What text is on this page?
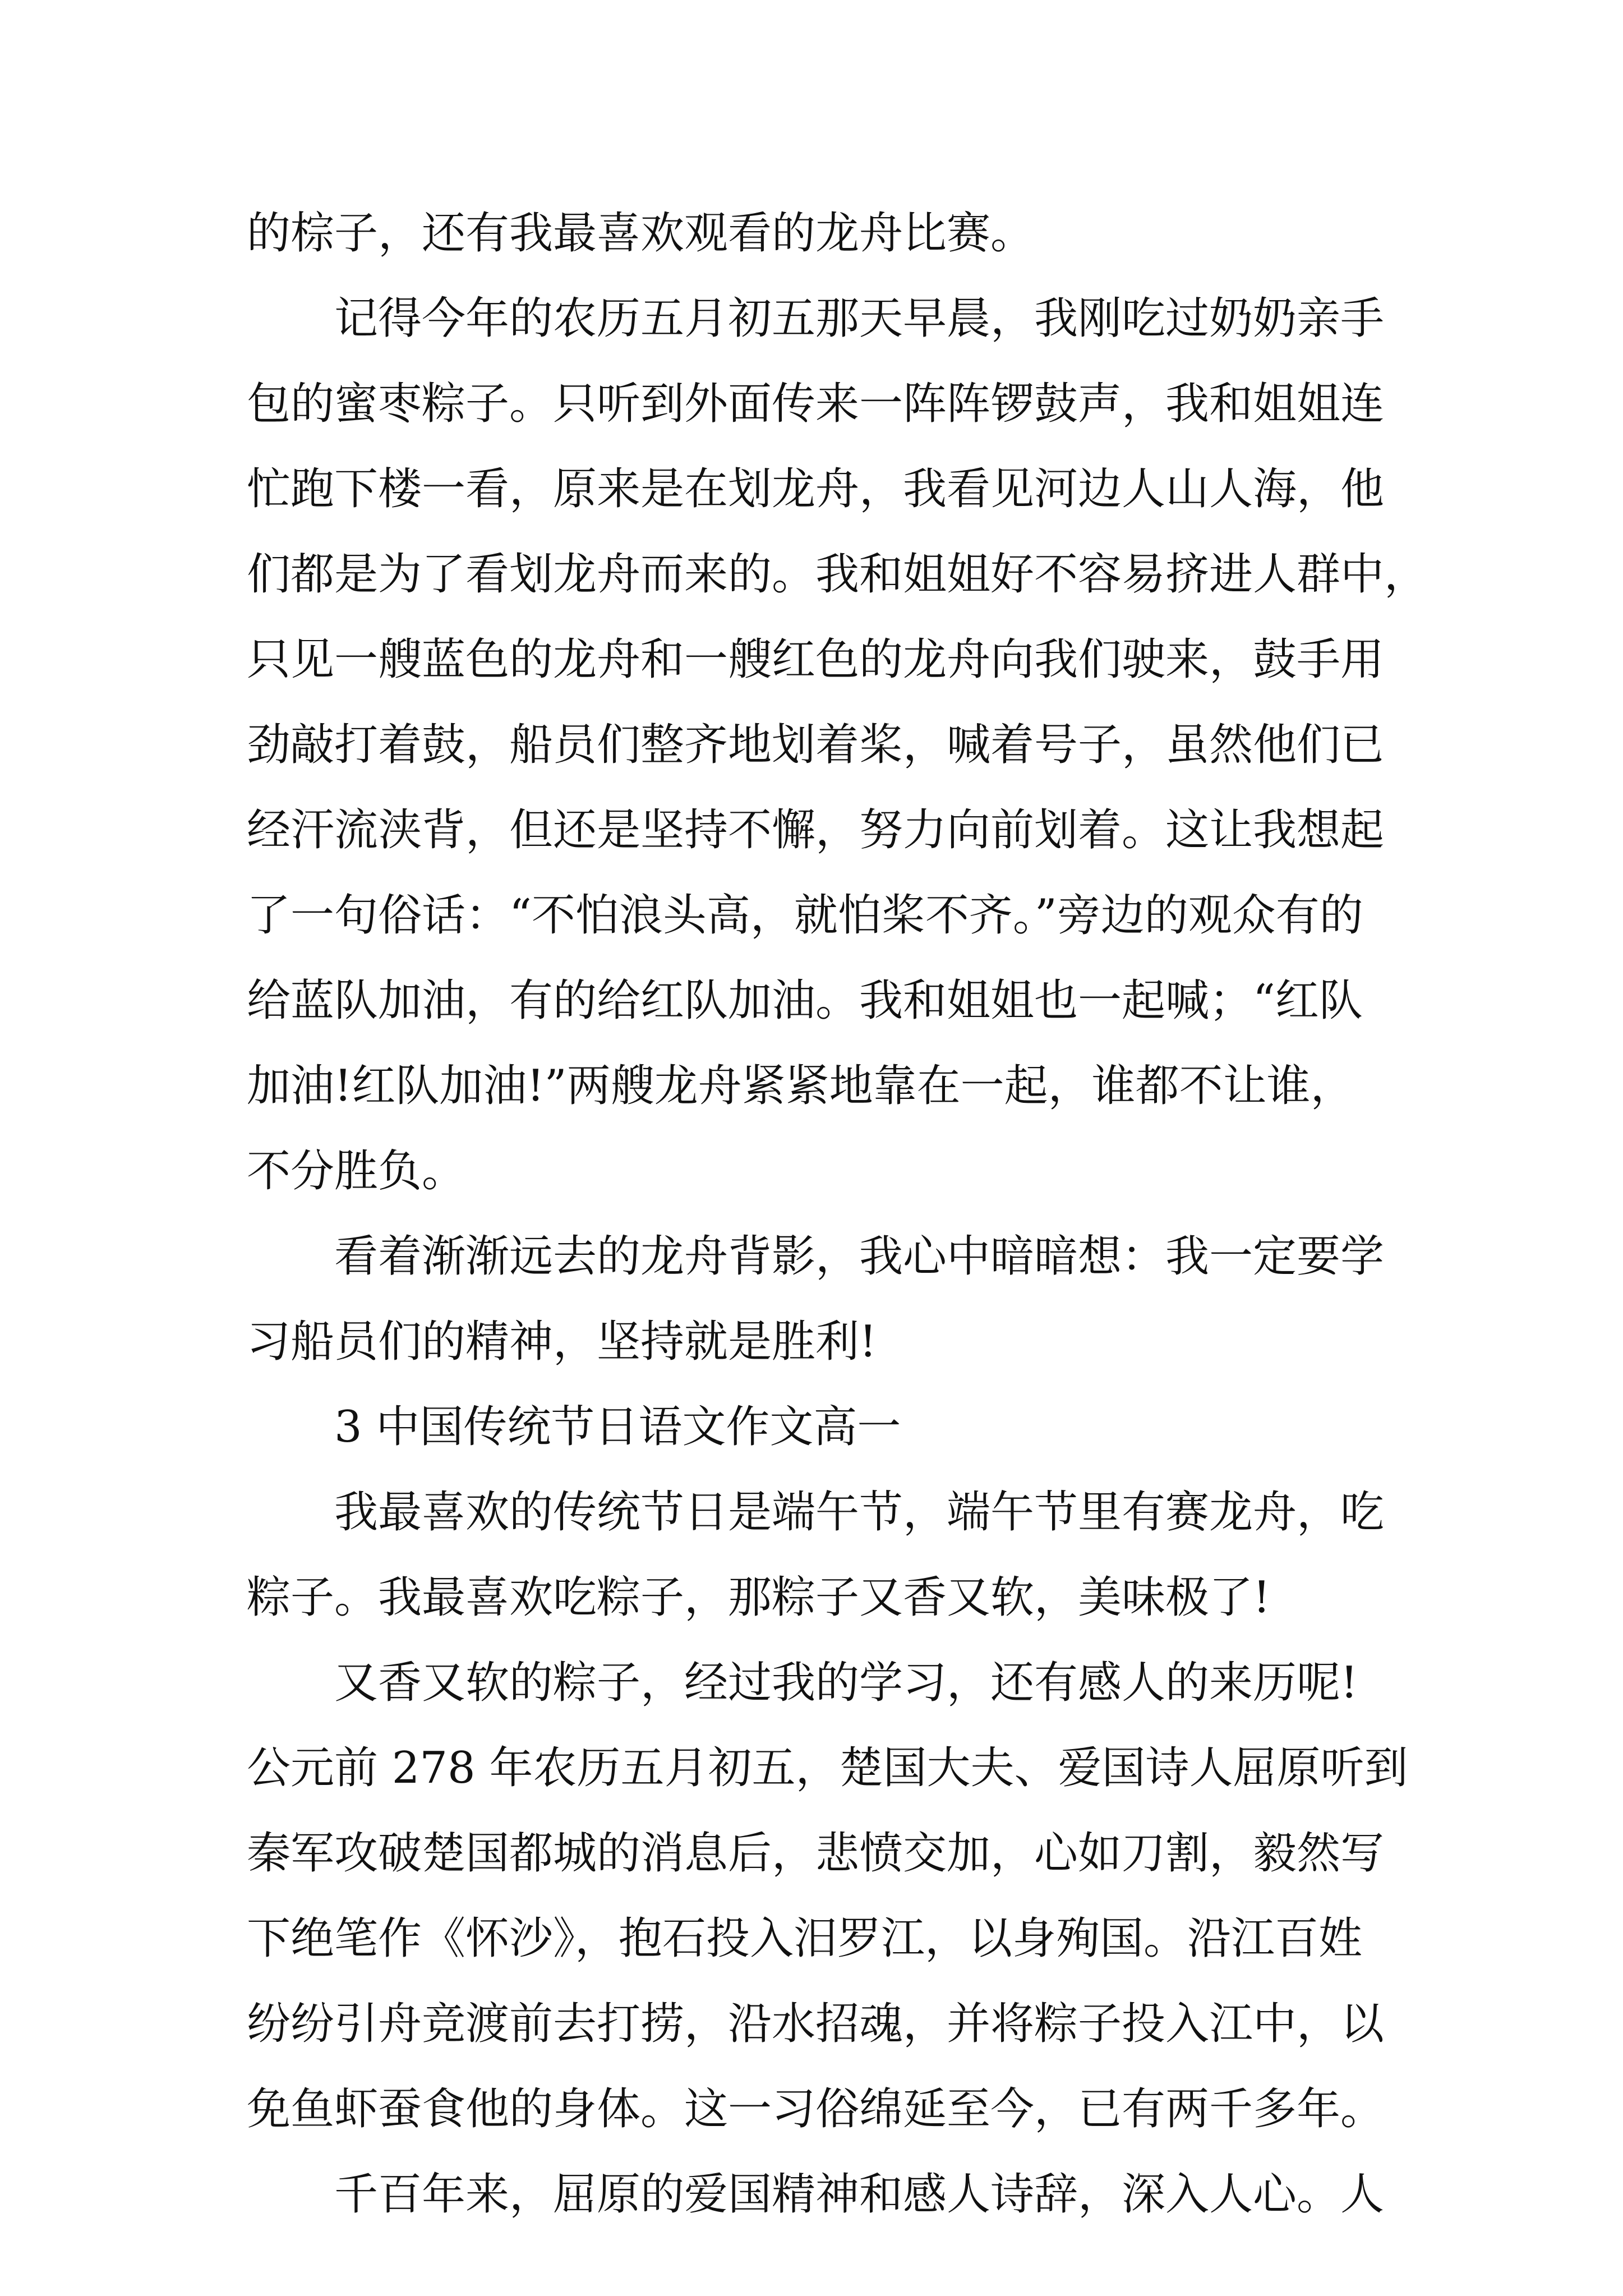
的棕子，还有我最喜欢观看的龙舟比赛。

记得今年的农历五月初五那天早晨，我刚吃过奶奶亲手

包的蜜枣粽子。只听到外面传来一阵阵锣鼓声，我和姐姐连

忙跑下楼一看，原来是在划龙舟，我看见河边人山人海，他

们都是为了看划龙舟而来的。我和姐姐好不容易挤进人群中，

只见一艘蓝色的龙舟和一艘红色的龙舟向我们驶来，鼓手用

劲敲打着鼓，船员们整齐地划着桨，喊着号子，虽然他们已

经汗流浃背，但还是坚持不懈，努力向前划着。这让我想起

了一句俗话：“不怕浪头高，就怕桨不齐。”旁边的观众有的

给蓝队加油，有的给红队加油。我和姐姐也一起喊；“红队

加油!红队加油!”两艘龙舟紧紧地靠在一起，谁都不让谁，

不分胜负。

看着渐渐远去的龙舟背影，我心中暗暗想：我一定要学

习船员们的精神，坚持就是胜利!

3 中国传统节日语文作文高一

我最喜欢的传统节日是端午节，端午节里有赛龙舟，吃

粽子。我最喜欢吃粽子，那粽子又香又软，美味极了!

又香又软的粽子，经过我的学习，还有感人的来历呢!

公元前 278 年农历五月初五，楚国大夫、爱国诗人屈原听到

秦军攻破楚国都城的消息后，悲愤交加，心如刀割，毅然写

下绝笔作《怀沙》，抱石投入汨罗江，以身殉国。沿江百姓

纷纷引舟竞渡前去打捞，沿水招魂，并将粽子投入江中，以

免鱼虾蚕食他的身体。这一习俗绵延至今，已有两千多年。

千百年来，屈原的爱国精神和感人诗辞，深入人心。人
